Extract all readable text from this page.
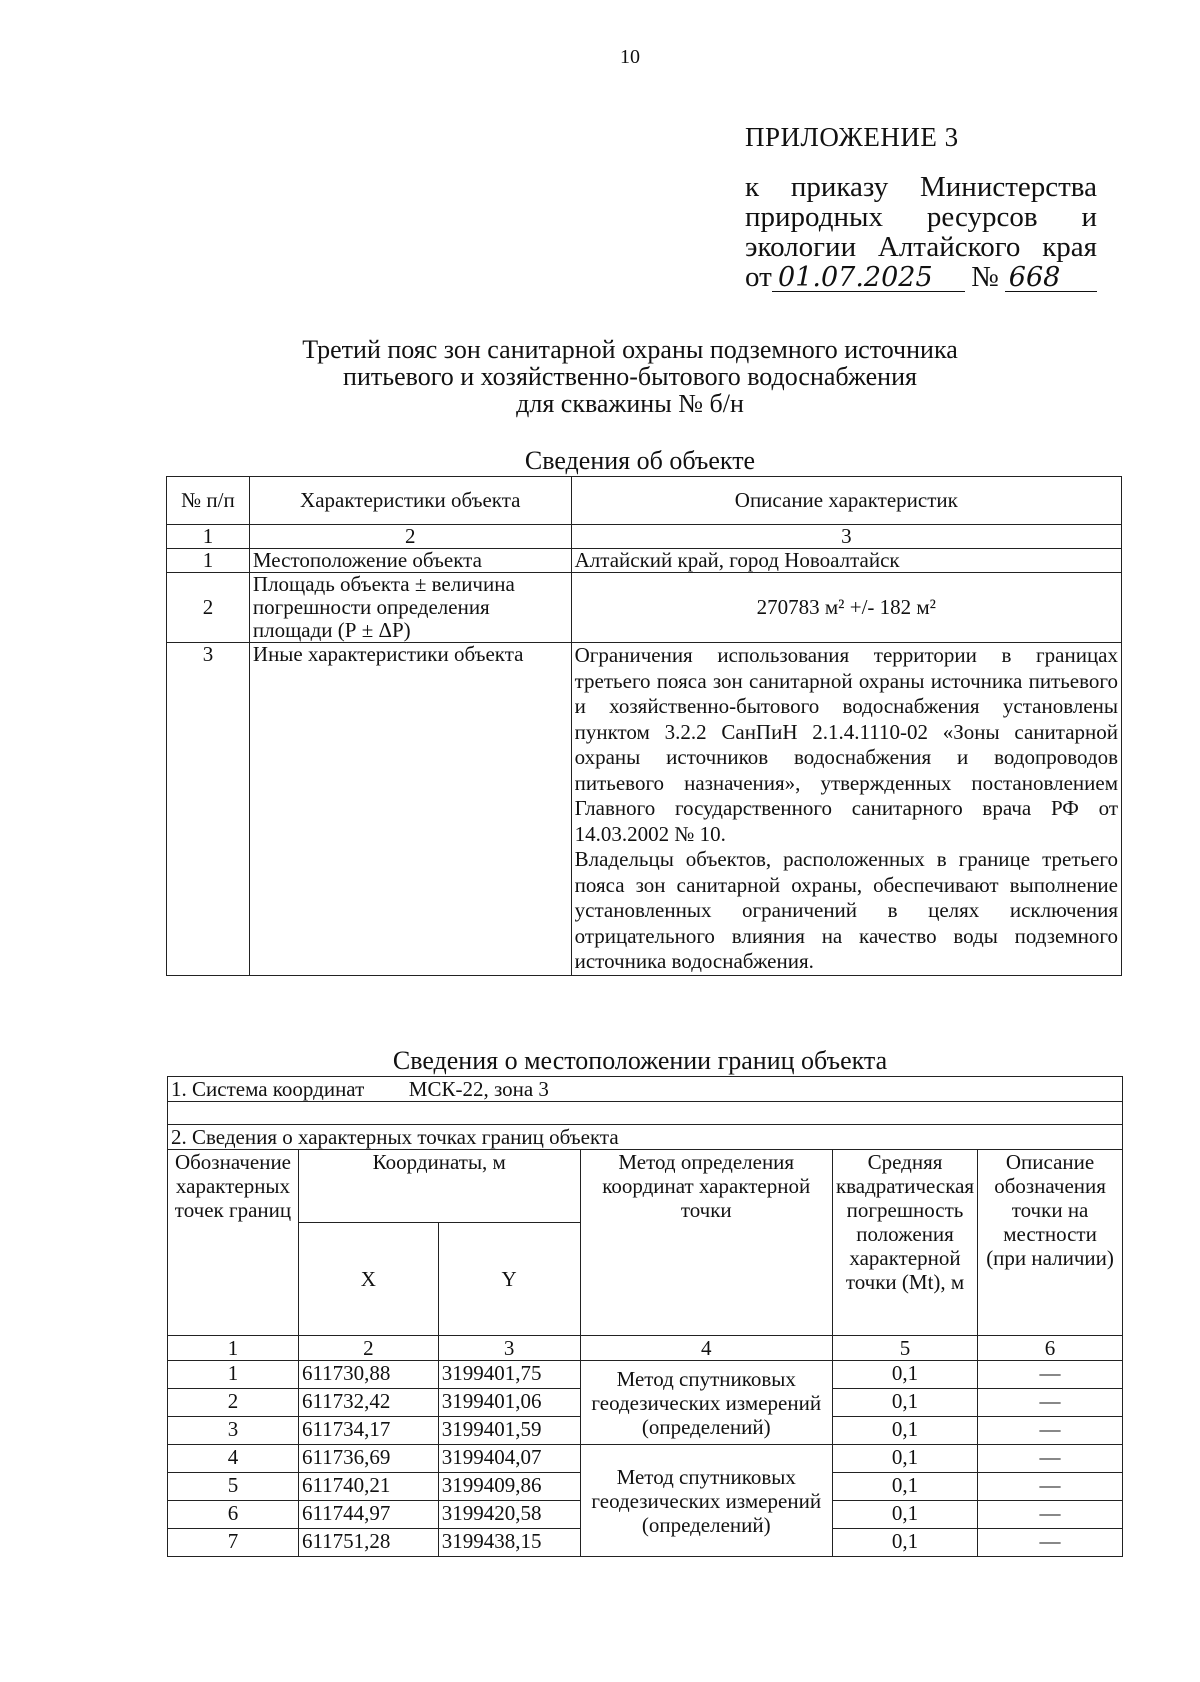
10
ПРИЛОЖЕНИЕ 3
к приказу Министерства
природных ресурсов и
экологии Алтайского края
от 01.07.2025 № 668
Третий пояс зон санитарной охраны подземного источника
питьевого и хозяйственно-бытового водоснабжения
для скважины № б/н
Сведения об объекте
№ п/п	Характеристики объекта	Описание характеристик
1	2	3
1	Местоположение объекта	Алтайский край, город Новоалтайск
2	Площадь объекта ± величина погрешности определения площади (Р ± ΔР)	270783 м² +/- 182 м²
3	Иные характеристики объекта	Ограничения использования территории в границах третьего пояса зон санитарной охраны источника питьевого и хозяйственно-бытового водоснабжения установлены пунктом 3.2.2 СанПиН 2.1.4.1110-02 «Зоны санитарной охраны источников водоснабжения и водопроводов питьевого назначения», утвержденных постановлением Главного государственного санитарного врача РФ от 14.03.2002 № 10.

Владельцы объектов, расположенных в границе третьего пояса зон санитарной охраны, обеспечивают выполнение установленных ограничений в целях исключения отрицательного влияния на качество воды подземного источника водоснабжения.

Сведения о местоположении границ объекта
1. Система координат МСК-22, зона 3					

2. Сведения о характерных точках границ объекта					
Обозначение характерных точек границ	Координаты, м		Метод определения координат характерной точки	Средняя квадратическая погрешность положения характерной точки (Mt), м	Описание обозначения точки на местности (при наличии)
	X	Y			
1	2	3	4	5	6
1	611730,88	3199401,75	Метод спутниковых геодезических измерений (определений)	0,1	—
2	611732,42	3199401,06		0,1	—
3	611734,17	3199401,59		0,1	—
4	611736,69	3199404,07	Метод спутниковых геодезических измерений (определений)	0,1	—
5	611740,21	3199409,86		0,1	—
6	611744,97	3199420,58		0,1	—
7	611751,28	3199438,15		0,1	—
